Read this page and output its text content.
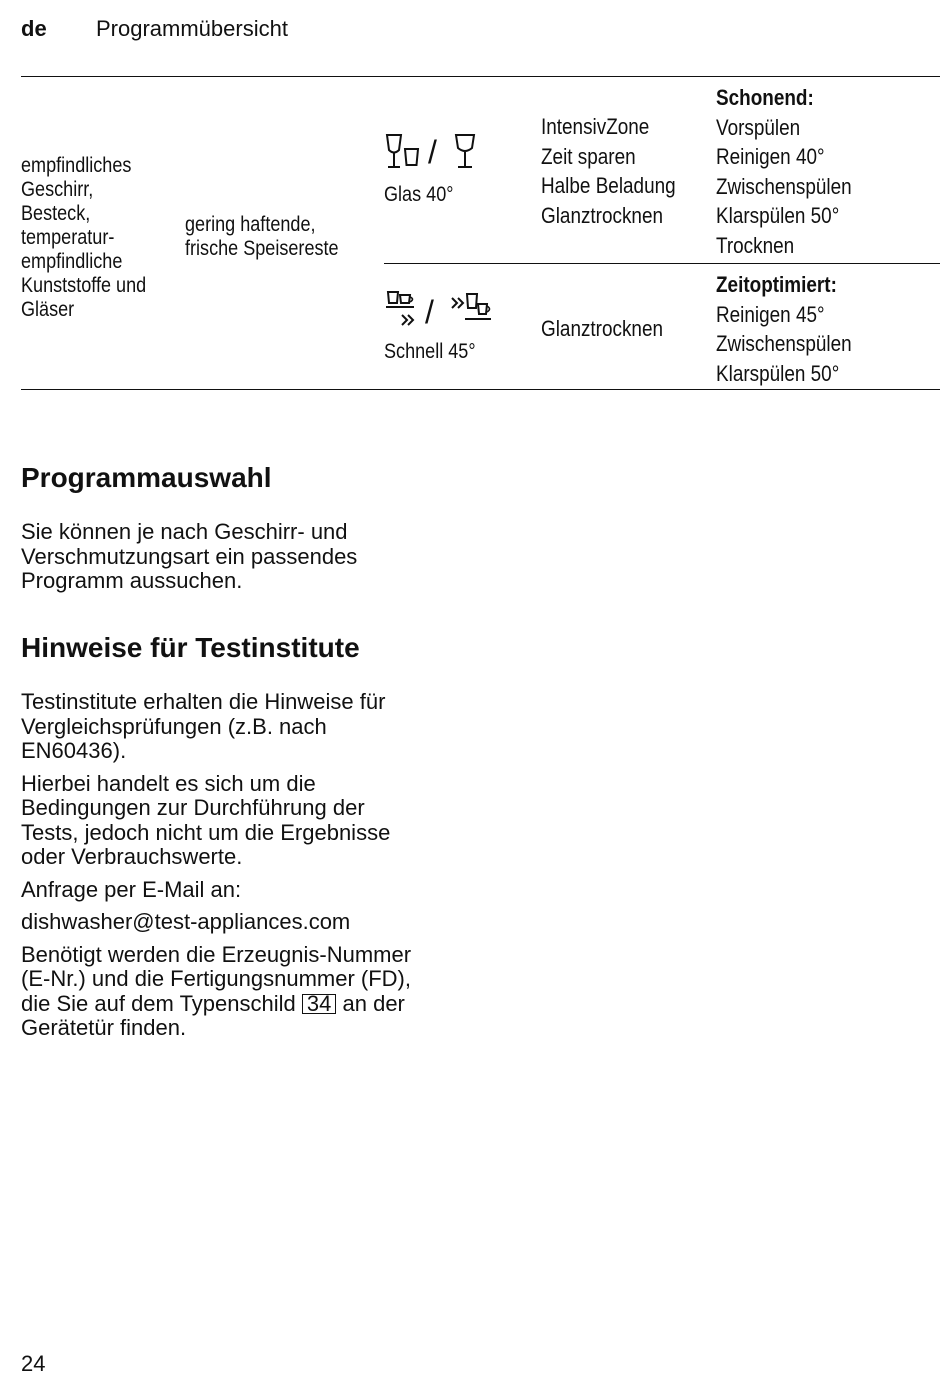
de Programmübersicht
empfindliches
Geschirr,
Besteck,
temperatur-
empfindliche
Kunststoffe und
Gläser
gering haftende,
frische Speisereste
/
Glas 40°
IntensivZone
Zeit sparen
Halbe Beladung
Glanztrocknen
Schonend:
Vorspülen
Reinigen 40°
Zwischenspülen
Klarspülen 50°
Trocknen
/
Schnell 45°
Glanztrocknen
Zeitoptimiert:
Reinigen 45°
Zwischenspülen
Klarspülen 50°
Programmauswahl

Sie können je nach Geschirr- und
Verschmutzungsart ein passendes
Programm aussuchen.

Hinweise für Testinstitute

Testinstitute erhalten die Hinweise für
Vergleichsprüfungen (z.B. nach
EN60436).

Hierbei handelt es sich um die
Bedingungen zur Durchführung der
Tests, jedoch nicht um die Ergebnisse
oder Verbrauchswerte.

Anfrage per E-Mail an:

dishwasher@test-appliances.com

Benötigt werden die Erzeugnis-Nummer
(E-Nr.) und die Fertigungsnummer (FD),
die Sie auf dem Typenschild 34 an der
Gerätetür finden.

24
